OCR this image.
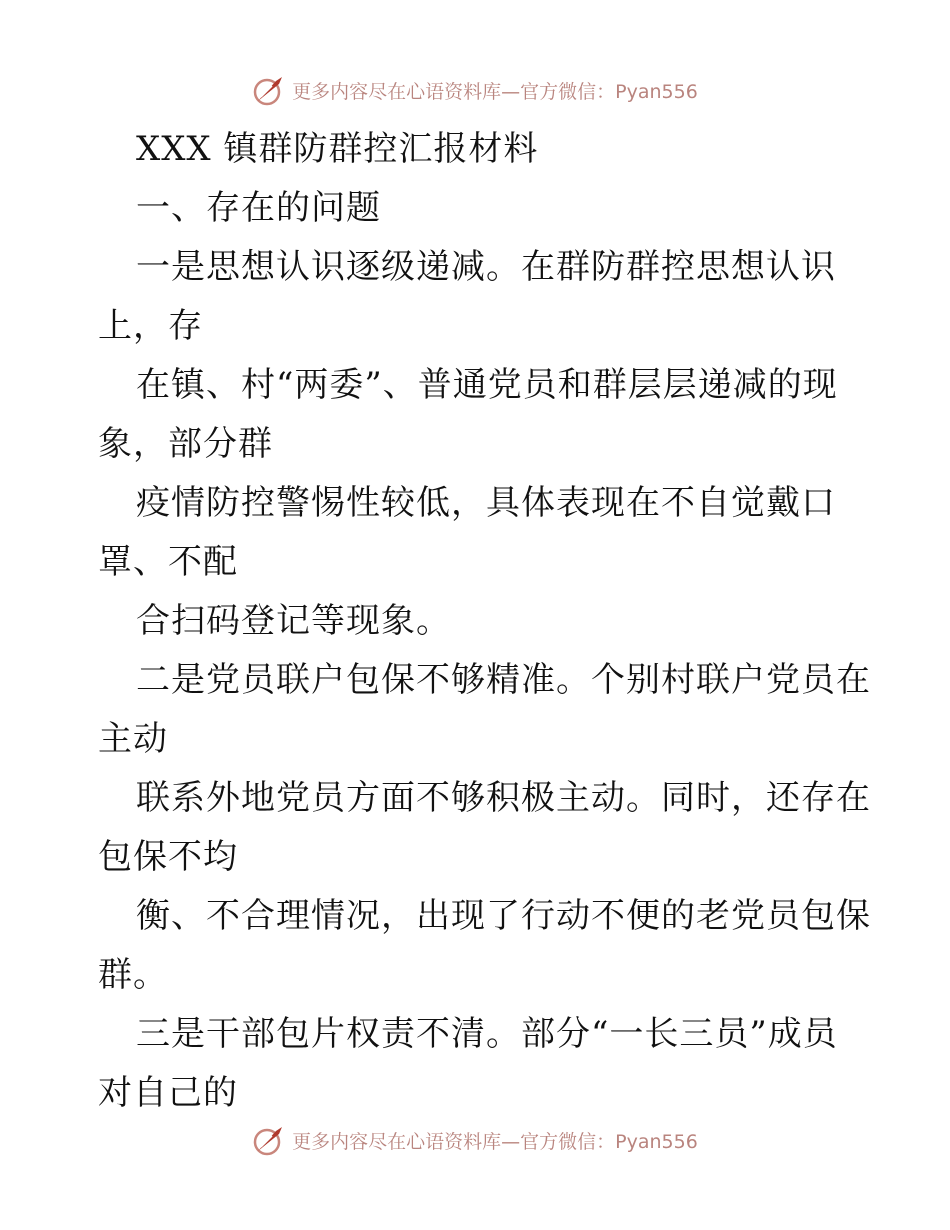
更多内容尽在心语资料库—官方微信：Pyan556
XXX 镇群防群控汇报材料
一、存在的问题
一是思想认识逐级递减。在群防群控思想认识
上，存
在镇、村“两委”、普通党员和群层层递减的现
象，部分群
疫情防控警惕性较低，具体表现在不自觉戴口
罩、不配
合扫码登记等现象。
二是党员联户包保不够精准。个别村联户党员在
主动
联系外地党员方面不够积极主动。同时，还存在
包保不均
衡、不合理情况，出现了行动不便的老党员包保
群。
三是干部包片权责不清。部分“一长三员”成员
对自己的
更多内容尽在心语资料库—官方微信：Pyan556
